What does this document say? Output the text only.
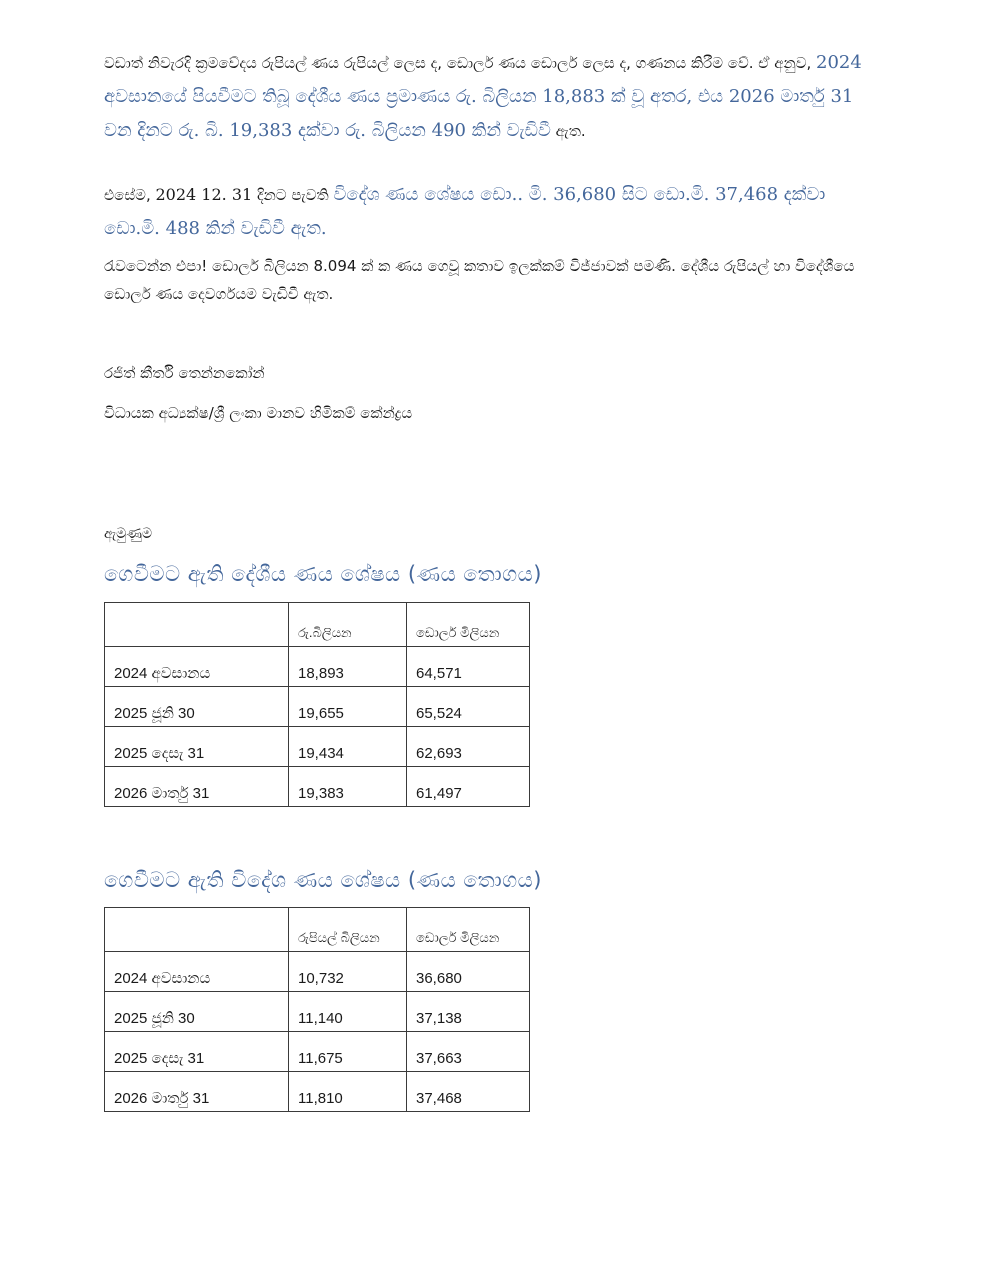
වඩාත් නිවැරදි ක්‍රමවේදය රුපියල් ණය රුපියල් ලෙස ද, ඩොලර් ණය ඩොලර් ලෙස ද, ගණනය කිරීම වේ. ඒ අනුව, 2024 අවසානයේ පියවීමට තිබූ දේශීය ණය ප්‍රමාණය රු. බිලියන 18,883 ක් වූ අතර, එය 2026 මාර්තු 31 වන දිනට රු. බි. 19,383 දක්වා රු. බිලියන 490 කින් වැඩිවී ඇත.

එසේම, 2024 12. 31 දිනට පැවති විදේශ ණය ශේෂය ඩො.. මි. 36,680 සිට ඩො.මි. 37,468 දක්වා ඩො.මි. 488 කින් වැඩිවී ඇත.

රැවටෙන්න එපා! ඩොලර් බිලියන 8.094 ක් ක ණය ගෙවූ කතාව ඉලක්කම් විජ්ජාවක් පමණි. දේශීය රුපියල් හා විදේශීයෙ ඩොලර් ණය දෙවර්ගයම වැඩිවී ඇත.

රජිත් කීර්ති තෙන්නකෝන්

විධායක අධ්‍යක්ෂ/ශ්‍රී ලංකා මානව හිමිකම් කේන්ද්‍රය

ඇමුණුම

ගෙවීමට ඇති දේශීය ණය ශේෂය (ණය තොගය)
	රු.බිලියන	ඩොලර් මිලියන
2024 අවසානය	18,893	64,571
2025 ජූනි 30	19,655	65,524
2025 දෙසැ 31	19,434	62,693
2026 මාර්තු 31	19,383	61,497
ගෙවීමට ඇති විදේශ ණය ශේෂය (ණය තොගය)
	රුපියල් බිලියන	ඩොලර් මිලියන
2024 අවසානය	10,732	36,680
2025 ජූනි 30	11,140	37,138
2025 දෙසැ 31	11,675	37,663
2026 මාර්තු 31	11,810	37,468
